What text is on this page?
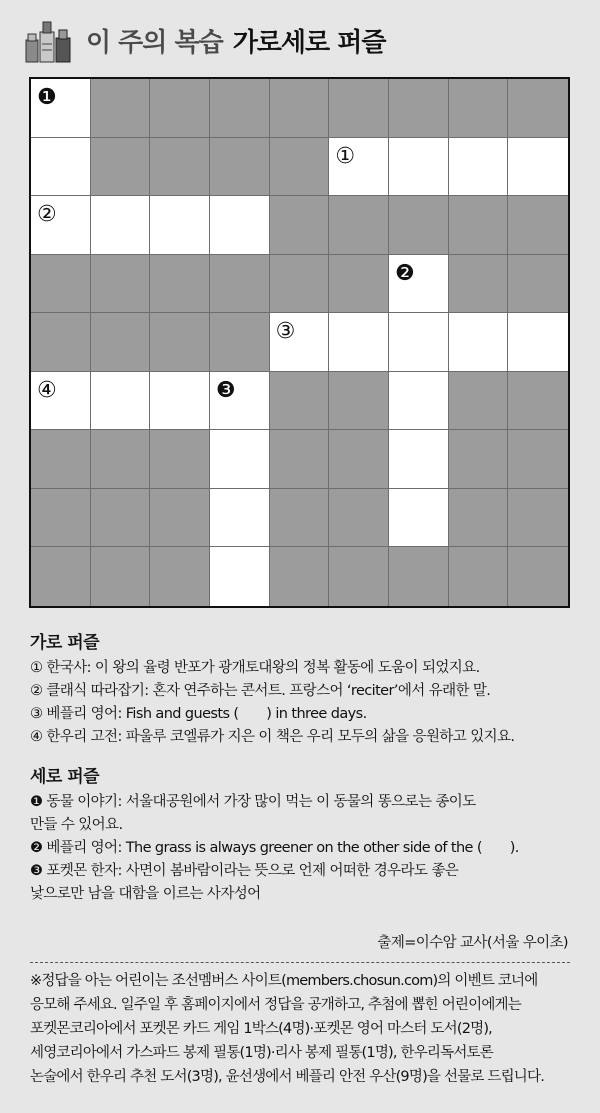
이 주의 복습 가로세로 퍼즐
❶
①
②
❷
③
④	❸
가로 퍼즐
① 한국사: 이 왕의 율령 반포가 광개토대왕의 정복 활동에 도움이 되었지요.
② 클래식 따라잡기: 혼자 연주하는 콘서트. 프랑스어 ‘reciter’에서 유래한 말.
③ 베플리 영어: Fish and guests (　　) in three days.
④ 한우리 고전: 파울루 코엘류가 지은 이 책은 우리 모두의 삶을 응원하고 있지요.
세로 퍼즐
❶ 동물 이야기: 서울대공원에서 가장 많이 먹는 이 동물의 똥으로는 종이도
만들 수 있어요.
❷ 베플리 영어: The grass is always greener on the other side of the (　　).
❸ 포켓몬 한자: 사면이 봄바람이라는 뜻으로 언제 어떠한 경우라도 좋은
낯으로만 남을 대함을 이르는 사자성어
출제=이수암 교사(서울 우이초)
※정답을 아는 어린이는 조선멤버스 사이트(members.chosun.com)의 이벤트 코너에
응모해 주세요. 일주일 후 홈페이지에서 정답을 공개하고, 추첨에 뽑힌 어린이에게는
포켓몬코리아에서 포켓몬 카드 게임 1박스(4명)·포켓몬 영어 마스터 도서(2명),
세영코리아에서 가스파드 봉제 필통(1명)·리사 봉제 필통(1명), 한우리독서토론
논술에서 한우리 추천 도서(3명), 윤선생에서 베플리 안전 우산(9명)을 선물로 드립니다.
